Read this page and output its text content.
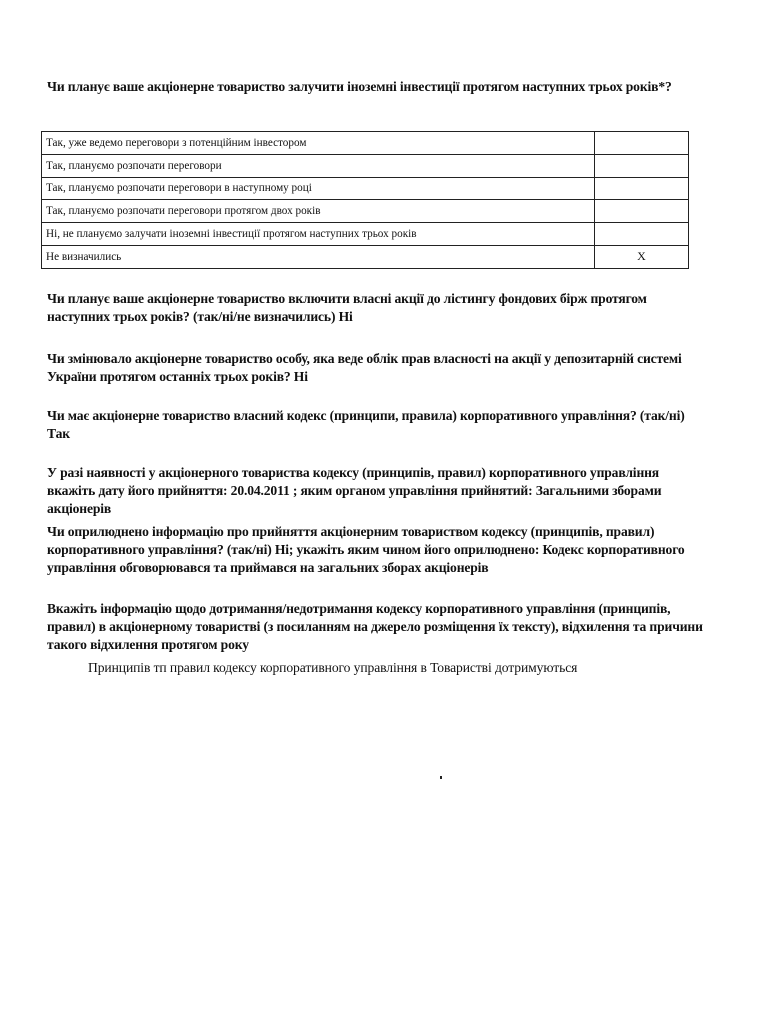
Чи планує ваше акціонерне товариство залучити іноземні інвестиції протягом наступних трьох років*?
Так, уже ведемо переговори з потенційним інвестором	
Так, плануємо розпочати переговори	
Так, плануємо розпочати переговори в наступному році	
Так, плануємо розпочати переговори протягом двох років	
Ні, не плануємо залучати іноземні інвестиції протягом наступних трьох років	
Не визначились	X
Чи планує ваше акціонерне товариство включити власні акції до лістингу фондових бірж протягом наступних трьох років? (так/ні/не визначились) Ні
Чи змінювало акціонерне товариство особу, яка веде облік прав власності на акції у депозитарній системі України протягом останніх трьох років? Ні
Чи має акціонерне товариство власний кодекс (принципи, правила) корпоративного управління? (так/ні) Так
У разі наявності у акціонерного товариства кодексу (принципів, правил) корпоративного управління вкажіть дату його прийняття: 20.04.2011 ; яким органом управління прийнятий: Загальними зборами акціонерів
Чи оприлюднено інформацію про прийняття акціонерним товариством кодексу (принципів, правил) корпоративного управління? (так/ні) Ні; укажіть яким чином його оприлюднено: Кодекс корпоративного управління обговорювався та приймався на загальних зборах акціонерів
Вкажіть інформацію щодо дотримання/недотримання кодексу корпоративного управління (принципів, правил) в акціонерному товаристві (з посиланням на джерело розміщення їх тексту), відхилення та причини такого відхилення протягом року
Принципів тп правил кодексу корпоративного управління в Товаристві дотримуються
